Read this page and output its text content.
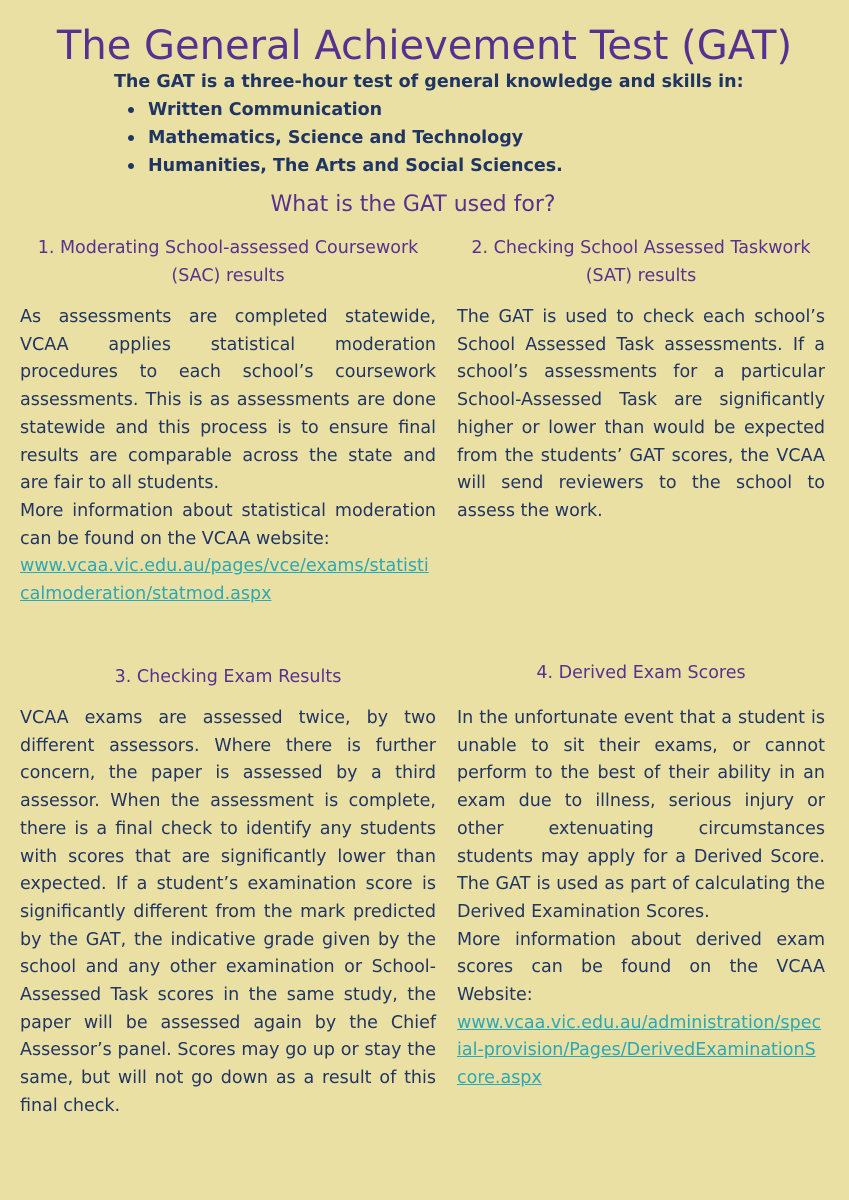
The General Achievement Test (GAT)
The GAT is a three-hour test of general knowledge and skills in:
Written Communication
Mathematics, Science and Technology
Humanities, The Arts and Social Sciences.
What is the GAT used for?
1. Moderating School-assessed Coursework (SAC) results

As assessments are completed statewide, VCAA applies statistical moderation procedures to each school’s coursework assessments. This is as assessments are done statewide and this process is to ensure final results are comparable across the state and are fair to all students.

More information about statistical moderation can be found on the VCAA website:

www.vcaa.vic.edu.au/pages/vce/exams/statisticalmoderation/statmod.aspx
2. Checking School Assessed Taskwork (SAT) results

The GAT is used to check each school’s School Assessed Task assessments. If a school’s assessments for a particular School-Assessed Task are significantly higher or lower than would be expected from the students’ GAT scores, the VCAA will send reviewers to the school to assess the work.

3. Checking Exam Results

VCAA exams are assessed twice, by two different assessors. Where there is further concern, the paper is assessed by a third assessor. When the assessment is complete, there is a final check to identify any students with scores that are significantly lower than expected. If a student’s examination score is significantly different from the mark predicted by the GAT, the indicative grade given by the school and any other examination or School-Assessed Task scores in the same study, the paper will be assessed again by the Chief Assessor’s panel. Scores may go up or stay the same, but will not go down as a result of this final check.

4. Derived Exam Scores

In the unfortunate event that a student is unable to sit their exams, or cannot perform to the best of their ability in an exam due to illness, serious injury or other extenuating circumstances students may apply for a Derived Score. The GAT is used as part of calculating the Derived Examination Scores.

More information about derived exam scores can be found on the VCAA Website:

www.vcaa.vic.edu.au/administration/special-provision/Pages/DerivedExaminationScore.aspx
